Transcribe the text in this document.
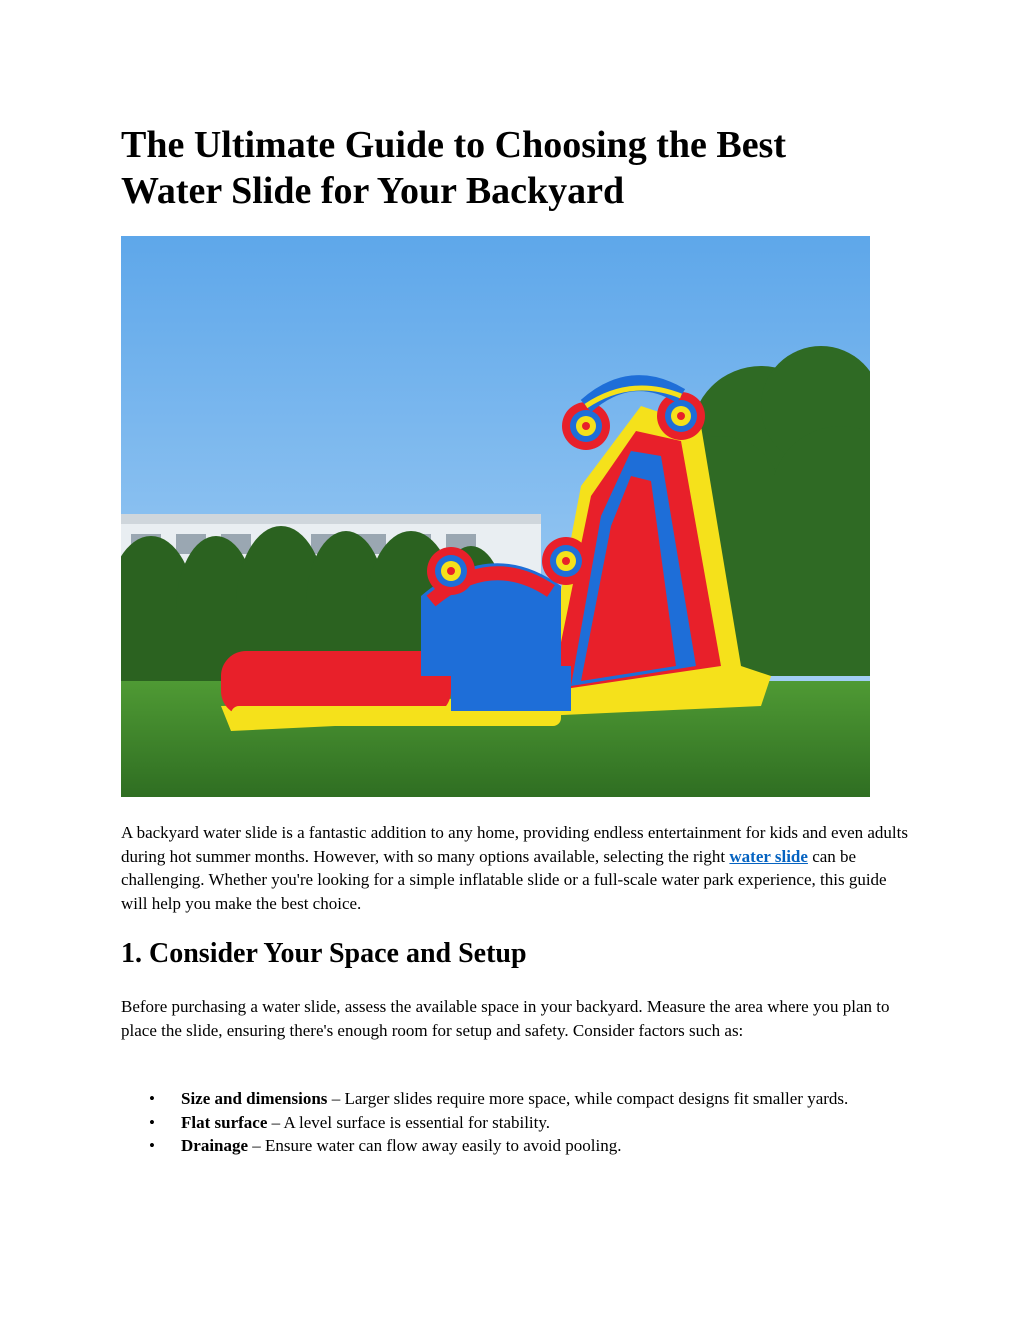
The Ultimate Guide to Choosing the Best Water Slide for Your Backyard

A backyard water slide is a fantastic addition to any home, providing endless entertainment for kids and even adults during hot summer months. However, with so many options available, selecting the right water slide can be challenging. Whether you're looking for a simple inflatable slide or a full-scale water park experience, this guide will help you make the best choice.

1. Consider Your Space and Setup

Before purchasing a water slide, assess the available space in your backyard. Measure the area where you plan to place the slide, ensuring there's enough room for setup and safety. Consider factors such as:

• Size and dimensions – Larger slides require more space, while compact designs fit smaller yards.
• Flat surface – A level surface is essential for stability.
• Drainage – Ensure water can flow away easily to avoid pooling.
